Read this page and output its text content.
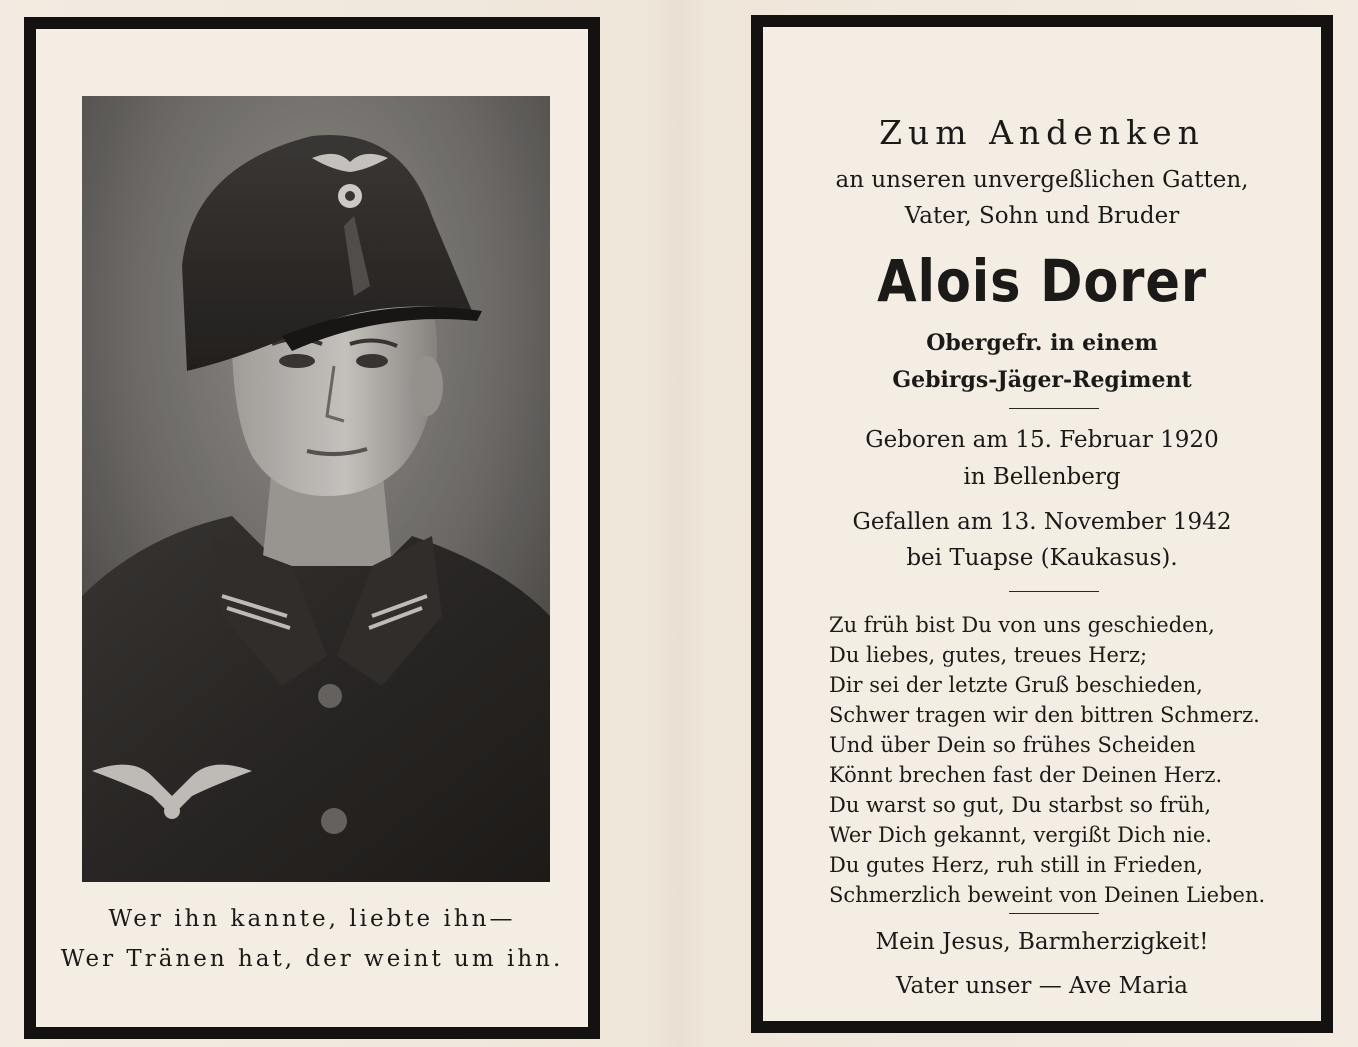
Wer ihn kannte, liebte ihn—
Wer Tränen hat, der weint um ihn.
Zum Andenken
an unseren unvergeßlichen Gatten,
Vater, Sohn und Bruder
Alois Dorer
Obergefr. in einem
Gebirgs-Jäger-Regiment
Geboren am 15. Februar 1920
in Bellenberg
Gefallen am 13. November 1942
bei Tuapse (Kaukasus).
Zu früh bist Du von uns geschieden,
Du liebes, gutes, treues Herz;
Dir sei der letzte Gruß beschieden,
Schwer tragen wir den bittren Schmerz.
Und über Dein so frühes Scheiden
Könnt brechen fast der Deinen Herz.
Du warst so gut, Du starbst so früh,
Wer Dich gekannt, vergißt Dich nie.
Du gutes Herz, ruh still in Frieden,
Schmerzlich beweint von Deinen Lieben.
Mein Jesus, Barmherzigkeit!
Vater unser — Ave Maria
